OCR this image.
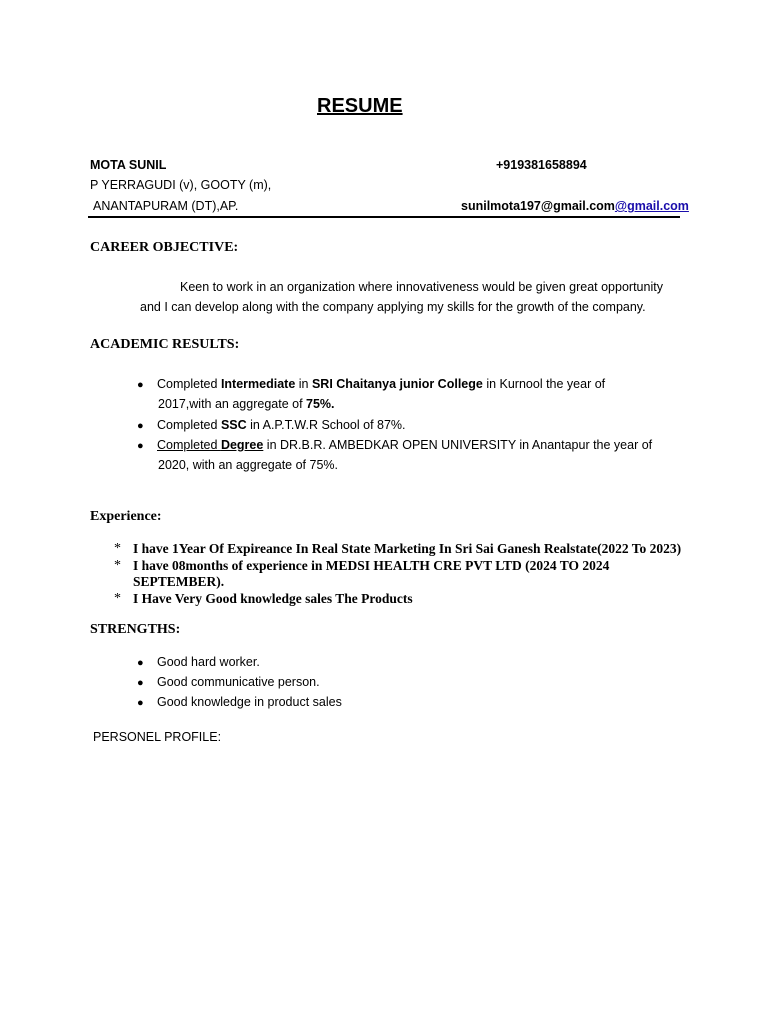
RESUME
MOTA SUNIL	+919381658894
P YERRAGUDI (v), GOOTY (m),
ANANTAPURAM (DT),AP.	sunilmota197@gmail.com@gmail.com
CAREER OBJECTIVE:
Keen to work in an organization where innovativeness would be given great opportunity
and I can develop along with the company applying my skills for the growth of the company.
ACADEMIC RESULTS:
● Completed Intermediate in SRI Chaitanya junior College in Kurnool the year of
2017,with an aggregate of 75%.
● Completed SSC in A.P.T.W.R School of 87%.
● Completed Degree in DR.B.R. AMBEDKAR OPEN UNIVERSITY in Anantapur the year of
2020, with an aggregate of 75%.
Experience:
* I have 1Year Of Expireance In Real State Marketing In Sri Sai Ganesh Realstate(2022 To 2023)
* I have 08months of experience in MEDSI HEALTH CRE PVT LTD (2024 TO 2024
SEPTEMBER).
* I Have Very Good knowledge sales The Products
STRENGTHS:
● Good hard worker.
● Good communicative person.
● Good knowledge in product sales
PERSONEL PROFILE:
